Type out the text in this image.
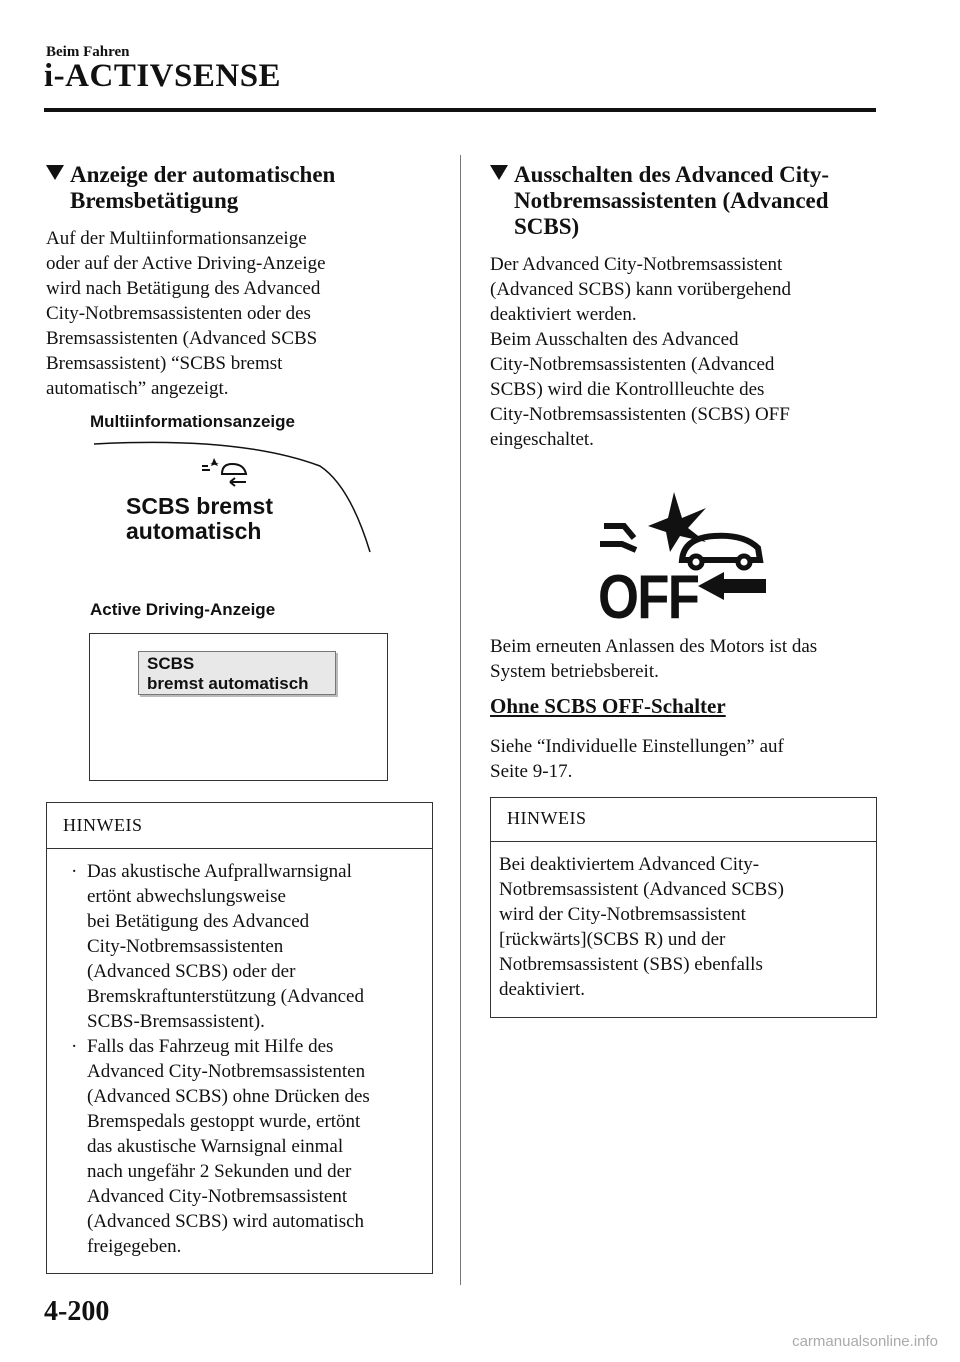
Beim Fahren
i-ACTIVSENSE
Anzeige der automatischen
Bremsbetätigung

Auf der Multiinformationsanzeige
oder auf der Active Driving-Anzeige
wird nach Betätigung des Advanced
City-Notbremsassistenten oder des
Bremsassistenten (Advanced SCBS
Bremsassistent) “SCBS bremst
automatisch” angezeigt.

Multiinformationsanzeige
SCBS bremst
automatisch
Active Driving-Anzeige
SCBS
bremst automatisch
HINWEIS
· Das akustische Aufprallwarnsignal
ertönt abwechslungsweise
bei Betätigung des Advanced
City-Notbremsassistenten
(Advanced SCBS) oder der
Bremskraftunterstützung (Advanced
SCBS-Bremsassistent).
· Falls das Fahrzeug mit Hilfe des
Advanced City-Notbremsassistenten
(Advanced SCBS) ohne Drücken des
Bremspedals gestoppt wurde, ertönt
das akustische Warnsignal einmal
nach ungefähr 2 Sekunden und der
Advanced City-Notbremsassistent
(Advanced SCBS) wird automatisch
freigegeben.
Ausschalten des Advanced City-
Notbremsassistenten (Advanced
SCBS)

Der Advanced City-Notbremsassistent
(Advanced SCBS) kann vorübergehend
deaktiviert werden.
Beim Ausschalten des Advanced
City-Notbremsassistenten (Advanced
SCBS) wird die Kontrollleuchte des
City-Notbremsassistenten (SCBS) OFF
eingeschaltet.

OFF

Beim erneuten Anlassen des Motors ist das
System betriebsbereit.

Ohne SCBS OFF-Schalter

Siehe “Individuelle Einstellungen” auf
Seite 9-17.

HINWEIS

Bei deaktiviertem Advanced City-
Notbremsassistent (Advanced SCBS)
wird der City-Notbremsassistent
[rückwärts](SCBS R) und der
Notbremsassistent (SBS) ebenfalls
deaktiviert.

4-200
carmanualsonline.info
